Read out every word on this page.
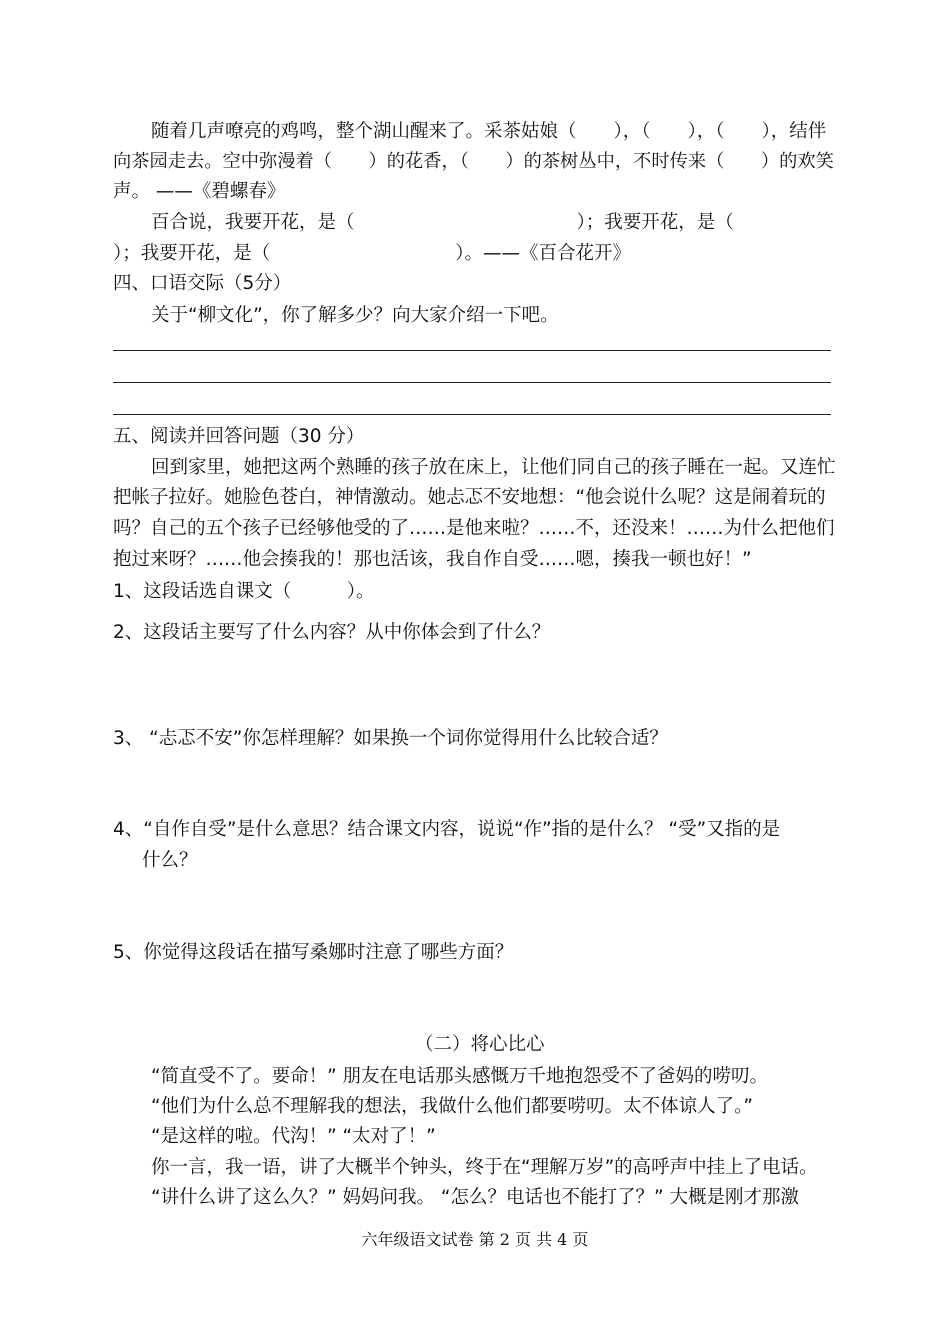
随着几声嘹亮的鸡鸣，整个湖山醒来了。采茶姑娘（　　），（　　），（　　），结伴
向茶园走去。空中弥漫着（　　）的花香，（　　）的茶树丛中，不时传来（　　）的欢笑
声。 ——《碧螺春》
百合说，我要开花，是（　　　　　　　　　　　　）；我要开花，是（
）；我要开花，是（　　　　　　　　　　）。——《百合花开》
四、口语交际（5分）
关于“柳文化”，你了解多少？向大家介绍一下吧。
五、阅读并回答问题（30 分）
回到家里，她把这两个熟睡的孩子放在床上，让他们同自己的孩子睡在一起。又连忙
把帐子拉好。她脸色苍白，神情激动。她忐忑不安地想：“他会说什么呢？这是闹着玩的
吗？自己的五个孩子已经够他受的了……是他来啦？……不，还没来！……为什么把他们
抱过来呀？……他会揍我的！那也活该，我自作自受……嗯，揍我一顿也好！”
1、这段话选自课文（　　　）。
2、这段话主要写了什么内容？从中你体会到了什么？
3、 “忐忑不安”你怎样理解？如果换一个词你觉得用什么比较合适？
4、“自作自受”是什么意思？结合课文内容，说说“作”指的是什么？ “受”又指的是
什么？
5、你觉得这段话在描写桑娜时注意了哪些方面？
（二）将心比心
“简直受不了。要命！” 朋友在电话那头感慨万千地抱怨受不了爸妈的唠叨。
“他们为什么总不理解我的想法，我做什么他们都要唠叨。太不体谅人了。”
“是这样的啦。代沟！” “太对了！”
你一言，我一语，讲了大概半个钟头，终于在“理解万岁”的高呼声中挂上了电话。
“讲什么讲了这么久？” 妈妈问我。 “怎么？电话也不能打了？” 大概是刚才那激
六年级语文试卷 第 2 页 共 4 页
